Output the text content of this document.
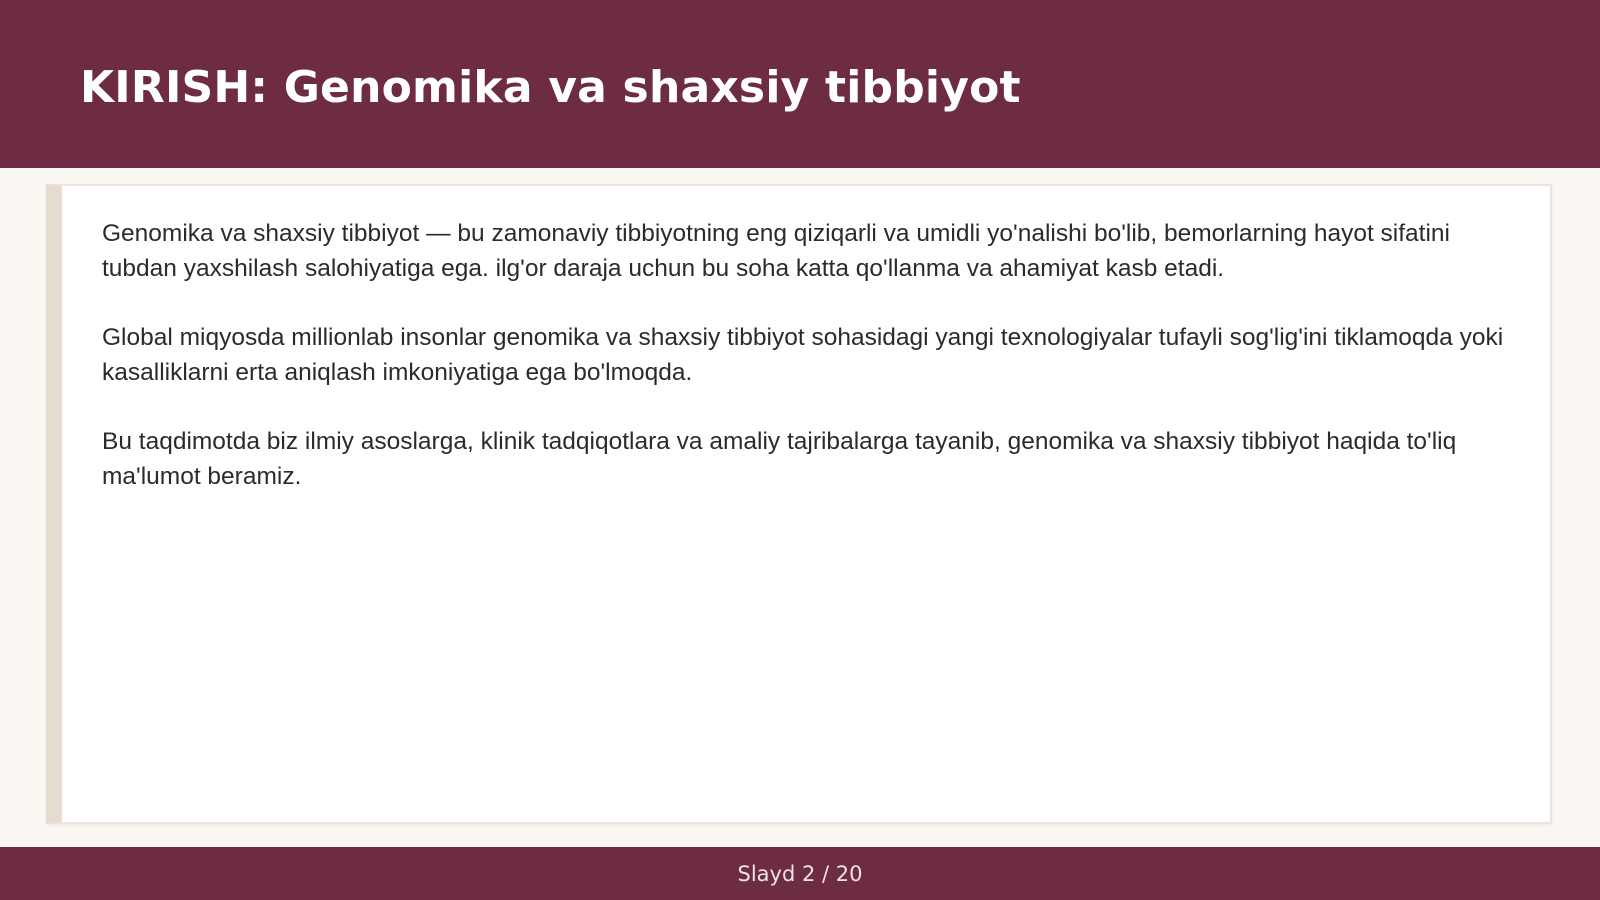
KIRISH: Genomika va shaxsiy tibbiyot

Genomika va shaxsiy tibbiyot — bu zamonaviy tibbiyotning eng qiziqarli va umidli yo'nalishi bo'lib, bemorlarning hayot sifatini tubdan yaxshilash salohiyatiga ega. ilg'or daraja uchun bu soha katta qo'llanma va ahamiyat kasb etadi.

Global miqyosda millionlab insonlar genomika va shaxsiy tibbiyot sohasidagi yangi texnologiyalar tufayli sog'lig'ini tiklamoqda yoki kasalliklarni erta aniqlash imkoniyatiga ega bo'lmoqda.

Bu taqdimotda biz ilmiy asoslarga, klinik tadqiqotlara va amaliy tajribalarga tayanib, genomika va shaxsiy tibbiyot haqida to'liq ma'lumot beramiz.

Slayd 2 / 20
